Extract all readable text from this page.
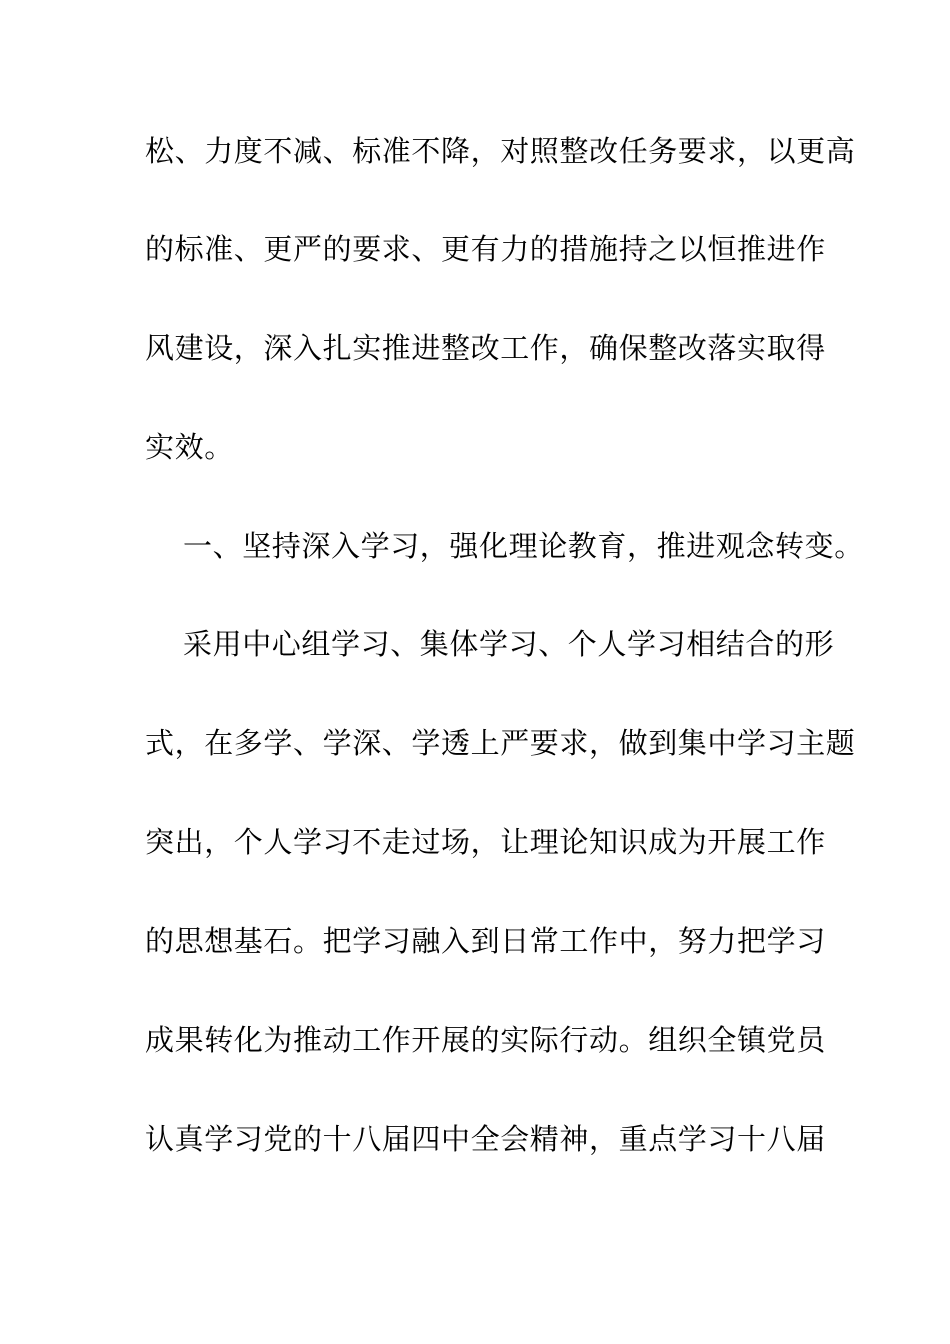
松、力度不减、标准不降，对照整改任务要求，以更高
的标准、更严的要求、更有力的措施持之以恒推进作
风建设，深入扎实推进整改工作，确保整改落实取得
实效。
一、坚持深入学习，强化理论教育，推进观念转变。
采用中心组学习、集体学习、个人学习相结合的形
式，在多学、学深、学透上严要求，做到集中学习主题
突出，个人学习不走过场，让理论知识成为开展工作
的思想基石。把学习融入到日常工作中，努力把学习
成果转化为推动工作开展的实际行动。组织全镇党员
认真学习党的十八届四中全会精神，重点学习十八届
